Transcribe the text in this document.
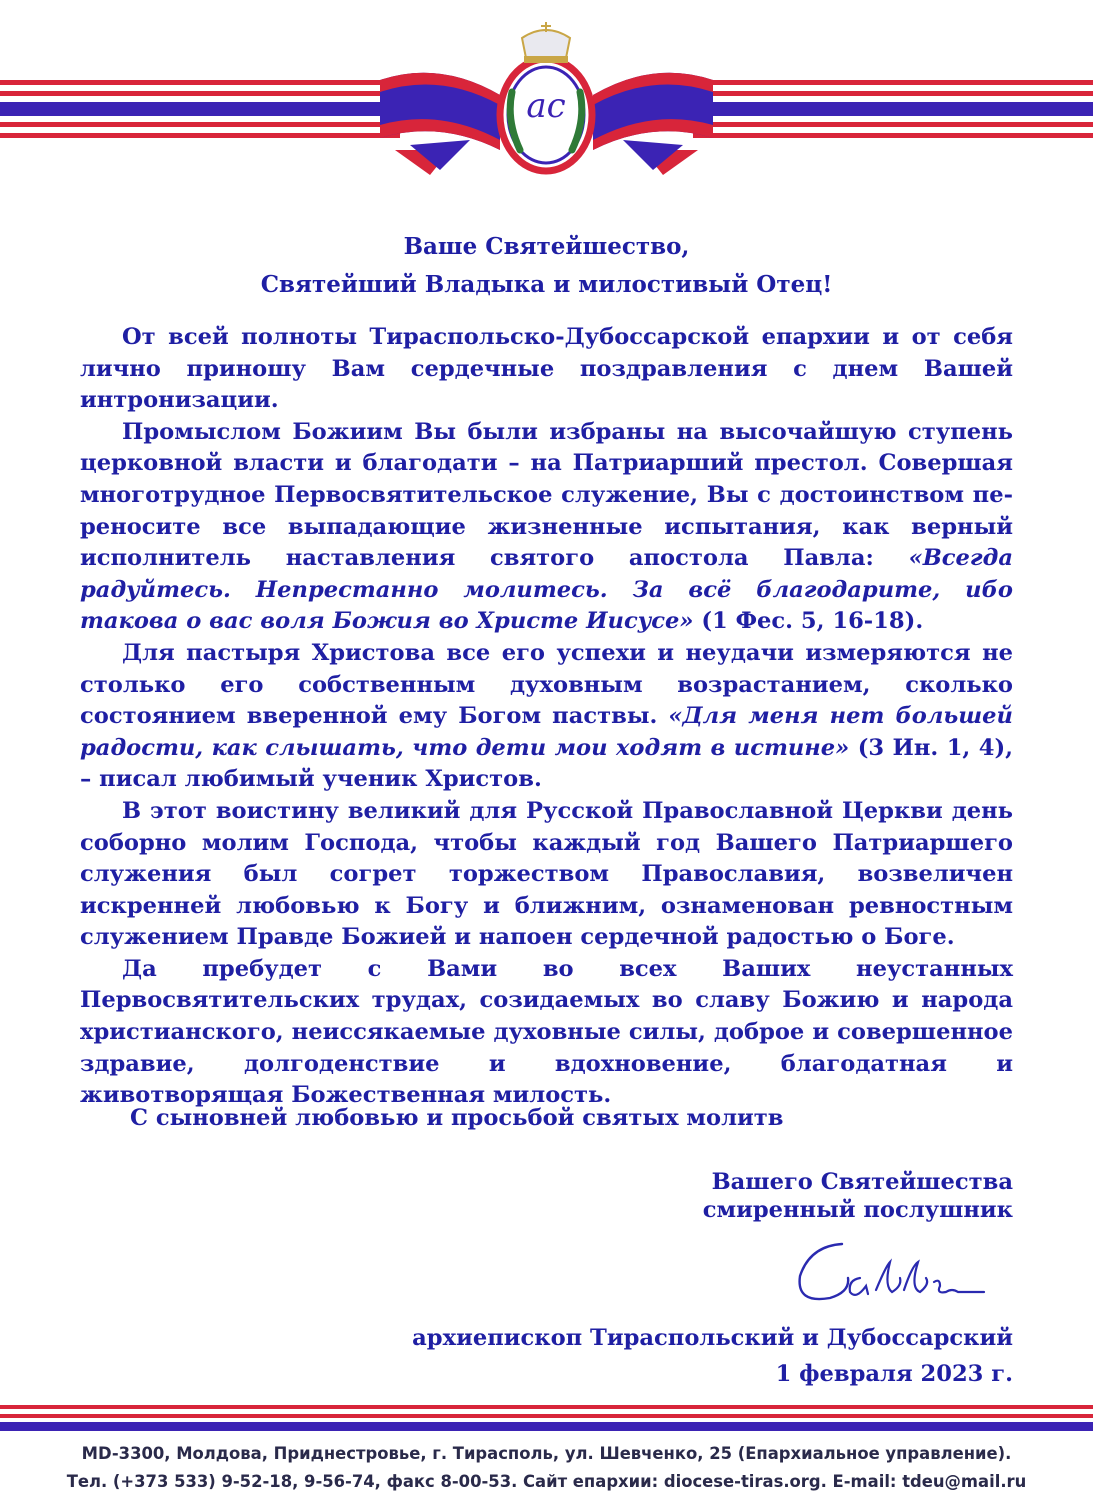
ас
Ваше Святейшество,
Святейший Владыка и милостивый Отец!

От всей полноты Тираспольско-Дубоссарской епархии и от себя лично приношу Вам сердечные поздравления с днем Вашей интронизации.

Промыслом Божиим Вы были избраны на высочайшую ступень церковной власти и благодати – на Патриарший престол. Совершая многотрудное Первосвятительское служение, Вы с достоинством переносите все выпадающие жизненные испытания, как верный исполнитель наставления святого апостола Павла: «Всегда радуйтесь. Непрестанно молитесь. За всё благодарите, ибо такова о вас воля Божия во Христе Иисусе» (1 Фес. 5, 16-18).

Для пастыря Христова все его успехи и неудачи измеряются не столько его собственным духовным возрастанием, сколько состоянием вверенной ему Богом паствы. «Для меня нет большей радости, как слышать, что дети мои ходят в истине» (3 Ин. 1, 4), – писал любимый ученик Христов.

В этот воистину великий для Русской Православной Церкви день соборно молим Господа, чтобы каждый год Вашего Патриаршего служения был согрет торжеством Православия, возвеличен искренней любовью к Богу и ближним, ознаменован ревностным служением Правде Божией и напоен сердечной радостью о Боге.

Да пребудет с Вами во всех Ваших неустанных Первосвятительских трудах, созидаемых во славу Божию и народа христианского, неиссякаемые духовные силы, доброе и совершенное здравие, долгоденствие и вдохновение, благодатная и животворящая Божественная милость.

С сыновней любовью и просьбой святых молитв
Вашего Святейшества
смиренный послушник
архиепископ Тираспольский и Дубоссарский
1 февраля 2023 г.
MD-3300, Молдова, Приднестровье, г. Тирасполь, ул. Шевченко, 25 (Епархиальное управление).
Тел. (+373 533) 9-52-18, 9-56-74, факс 8-00-53. Сайт епархии: diocese-tiras.org. E-mail: tdeu@mail.ru
